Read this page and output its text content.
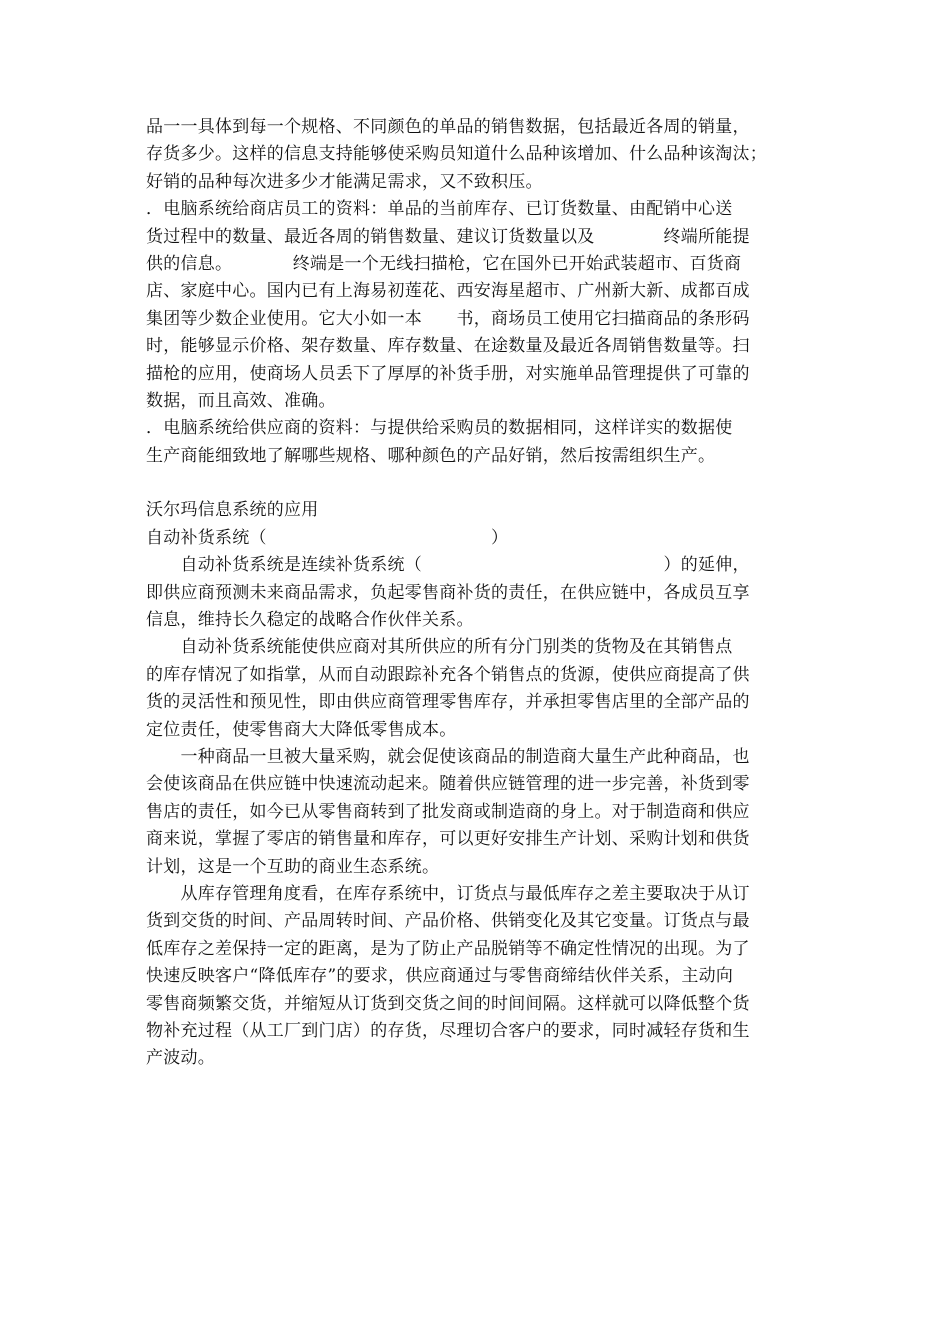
品一一具体到每一个规格、不同颜色的单品的销售数据，包括最近各周的销量，
存货多少。这样的信息支持能够使采购员知道什么品种该增加、什么品种该淘汰；
好销的品种每次进多少才能满足需求，又不致积压。
．电脑系统给商店员工的资料：单品的当前库存、已订货数量、由配销中心送
货过程中的数量、最近各周的销售数量、建议订货数量以及　　　　终端所能提
供的信息。　　　　终端是一个无线扫描枪，它在国外已开始武装超市、百货商
店、家庭中心。国内已有上海易初莲花、西安海星超市、广州新大新、成都百成
集团等少数企业使用。它大小如一本　　书，商场员工使用它扫描商品的条形码
时，能够显示价格、架存数量、库存数量、在途数量及最近各周销售数量等。扫
描枪的应用，使商场人员丢下了厚厚的补货手册，对实施单品管理提供了可靠的
数据，而且高效、准确。
．电脑系统给供应商的资料：与提供给采购员的数据相同，这样详实的数据使
生产商能细致地了解哪些规格、哪种颜色的产品好销，然后按需组织生产。
沃尔玛信息系统的应用
自动补货系统（　　　　　　　　　　　　　）
　　自动补货系统是连续补货系统（　　　　　　　　　　　　　　）的延伸，
即供应商预测未来商品需求，负起零售商补货的责任，在供应链中，各成员互享
信息，维持长久稳定的战略合作伙伴关系。
　　自动补货系统能使供应商对其所供应的所有分门别类的货物及在其销售点
的库存情况了如指掌，从而自动跟踪补充各个销售点的货源，使供应商提高了供
货的灵活性和预见性，即由供应商管理零售库存，并承担零售店里的全部产品的
定位责任，使零售商大大降低零售成本。
　　一种商品一旦被大量采购，就会促使该商品的制造商大量生产此种商品，也
会使该商品在供应链中快速流动起来。随着供应链管理的进一步完善，补货到零
售店的责任，如今已从零售商转到了批发商或制造商的身上。对于制造商和供应
商来说，掌握了零店的销售量和库存，可以更好安排生产计划、采购计划和供货
计划，这是一个互助的商业生态系统。
　　从库存管理角度看，在库存系统中，订货点与最低库存之差主要取决于从订
货到交货的时间、产品周转时间、产品价格、供销变化及其它变量。订货点与最
低库存之差保持一定的距离，是为了防止产品脱销等不确定性情况的出现。为了
快速反映客户“降低库存”的要求，供应商通过与零售商缔结伙伴关系，主动向
零售商频繁交货，并缩短从订货到交货之间的时间间隔。这样就可以降低整个货
物补充过程（从工厂到门店）的存货，尽理切合客户的要求，同时减轻存货和生
产波动。
